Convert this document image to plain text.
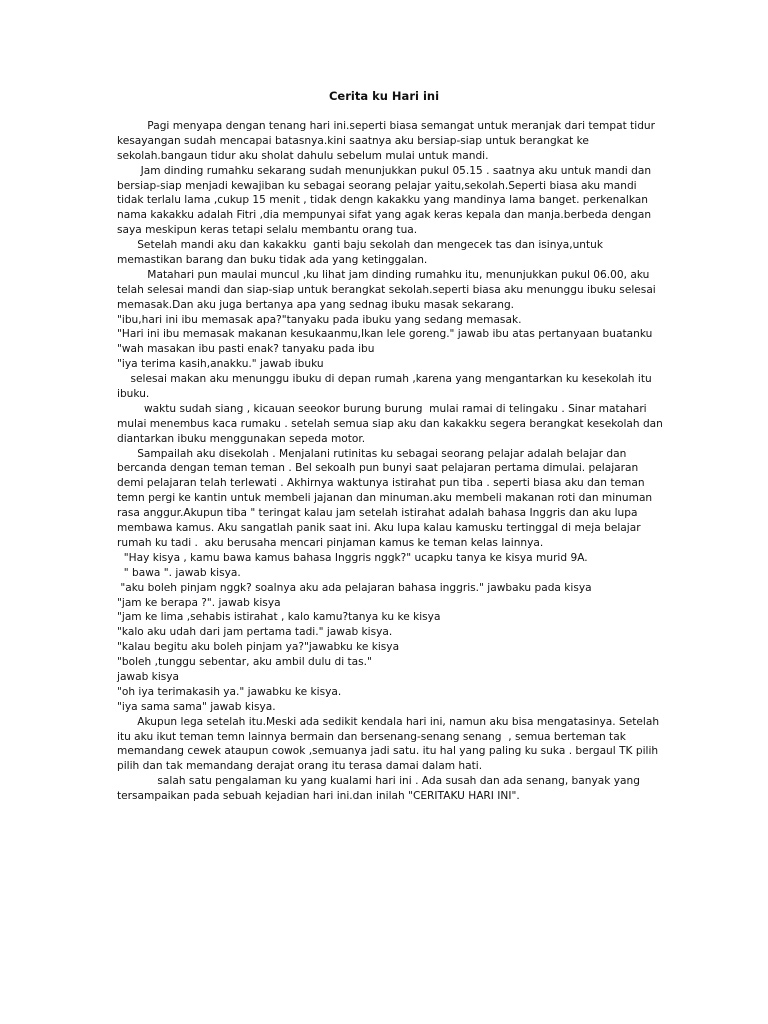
Cerita ku Hari ini
Pagi menyapa dengan tenang hari ini.seperti biasa semangat untuk meranjak dari tempat tidur
kesayangan sudah mencapai batasnya.kini saatnya aku bersiap-siap untuk berangkat ke
sekolah.bangaun tidur aku sholat dahulu sebelum mulai untuk mandi.
Jam dinding rumahku sekarang sudah menunjukkan pukul 05.15 . saatnya aku untuk mandi dan
bersiap-siap menjadi kewajiban ku sebagai seorang pelajar yaitu,sekolah.Seperti biasa aku mandi
tidak terlalu lama ,cukup 15 menit , tidak dengn kakakku yang mandinya lama banget. perkenalkan
nama kakakku adalah Fitri ,dia mempunyai sifat yang agak keras kepala dan manja.berbeda dengan
saya meskipun keras tetapi selalu membantu orang tua.
Setelah mandi aku dan kakakku  ganti baju sekolah dan mengecek tas dan isinya,untuk
memastikan barang dan buku tidak ada yang ketinggalan.
Matahari pun maulai muncul ,ku lihat jam dinding rumahku itu, menunjukkan pukul 06.00, aku
telah selesai mandi dan siap-siap untuk berangkat sekolah.seperti biasa aku menunggu ibuku selesai
memasak.Dan aku juga bertanya apa yang sednag ibuku masak sekarang.
"ibu,hari ini ibu memasak apa?"tanyaku pada ibuku yang sedang memasak.
"Hari ini ibu memasak makanan kesukaanmu,Ikan lele goreng." jawab ibu atas pertanyaan buatanku
"wah masakan ibu pasti enak? tanyaku pada ibu
"iya terima kasih,anakku." jawab ibuku
selesai makan aku menunggu ibuku di depan rumah ,karena yang mengantarkan ku kesekolah itu
ibuku.
waktu sudah siang , kicauan seeokor burung burung  mulai ramai di telingaku . Sinar matahari
mulai menembus kaca rumaku . setelah semua siap aku dan kakakku segera berangkat kesekolah dan
diantarkan ibuku menggunakan sepeda motor.
Sampailah aku disekolah . Menjalani rutinitas ku sebagai seorang pelajar adalah belajar dan
bercanda dengan teman teman . Bel sekoalh pun bunyi saat pelajaran pertama dimulai. pelajaran
demi pelajaran telah terlewati . Akhirnya waktunya istirahat pun tiba . seperti biasa aku dan teman
temn pergi ke kantin untuk membeli jajanan dan minuman.aku membeli makanan roti dan minuman
rasa anggur.Akupun tiba " teringat kalau jam setelah istirahat adalah bahasa Inggris dan aku lupa
membawa kamus. Aku sangatlah panik saat ini. Aku lupa kalau kamusku tertinggal di meja belajar
rumah ku tadi .  aku berusaha mencari pinjaman kamus ke teman kelas lainnya.
"Hay kisya , kamu bawa kamus bahasa Inggris nggk?" ucapku tanya ke kisya murid 9A.
" bawa ". jawab kisya.
"aku boleh pinjam nggk? soalnya aku ada pelajaran bahasa inggris." jawbaku pada kisya
"jam ke berapa ?". jawab kisya
"jam ke lima ,sehabis istirahat , kalo kamu?tanya ku ke kisya
"kalo aku udah dari jam pertama tadi." jawab kisya.
"kalau begitu aku boleh pinjam ya?"jawabku ke kisya
"boleh ,tunggu sebentar, aku ambil dulu di tas."
jawab kisya
"oh iya terimakasih ya." jawabku ke kisya.
"iya sama sama" jawab kisya.
Akupun lega setelah itu.Meski ada sedikit kendala hari ini, namun aku bisa mengatasinya. Setelah
itu aku ikut teman temn lainnya bermain dan bersenang-senang senang  , semua berteman tak
memandang cewek ataupun cowok ,semuanya jadi satu. itu hal yang paling ku suka . bergaul TK pilih
pilih dan tak memandang derajat orang itu terasa damai dalam hati.
salah satu pengalaman ku yang kualami hari ini . Ada susah dan ada senang, banyak yang
tersampaikan pada sebuah kejadian hari ini.dan inilah "CERITAKU HARI INI".
